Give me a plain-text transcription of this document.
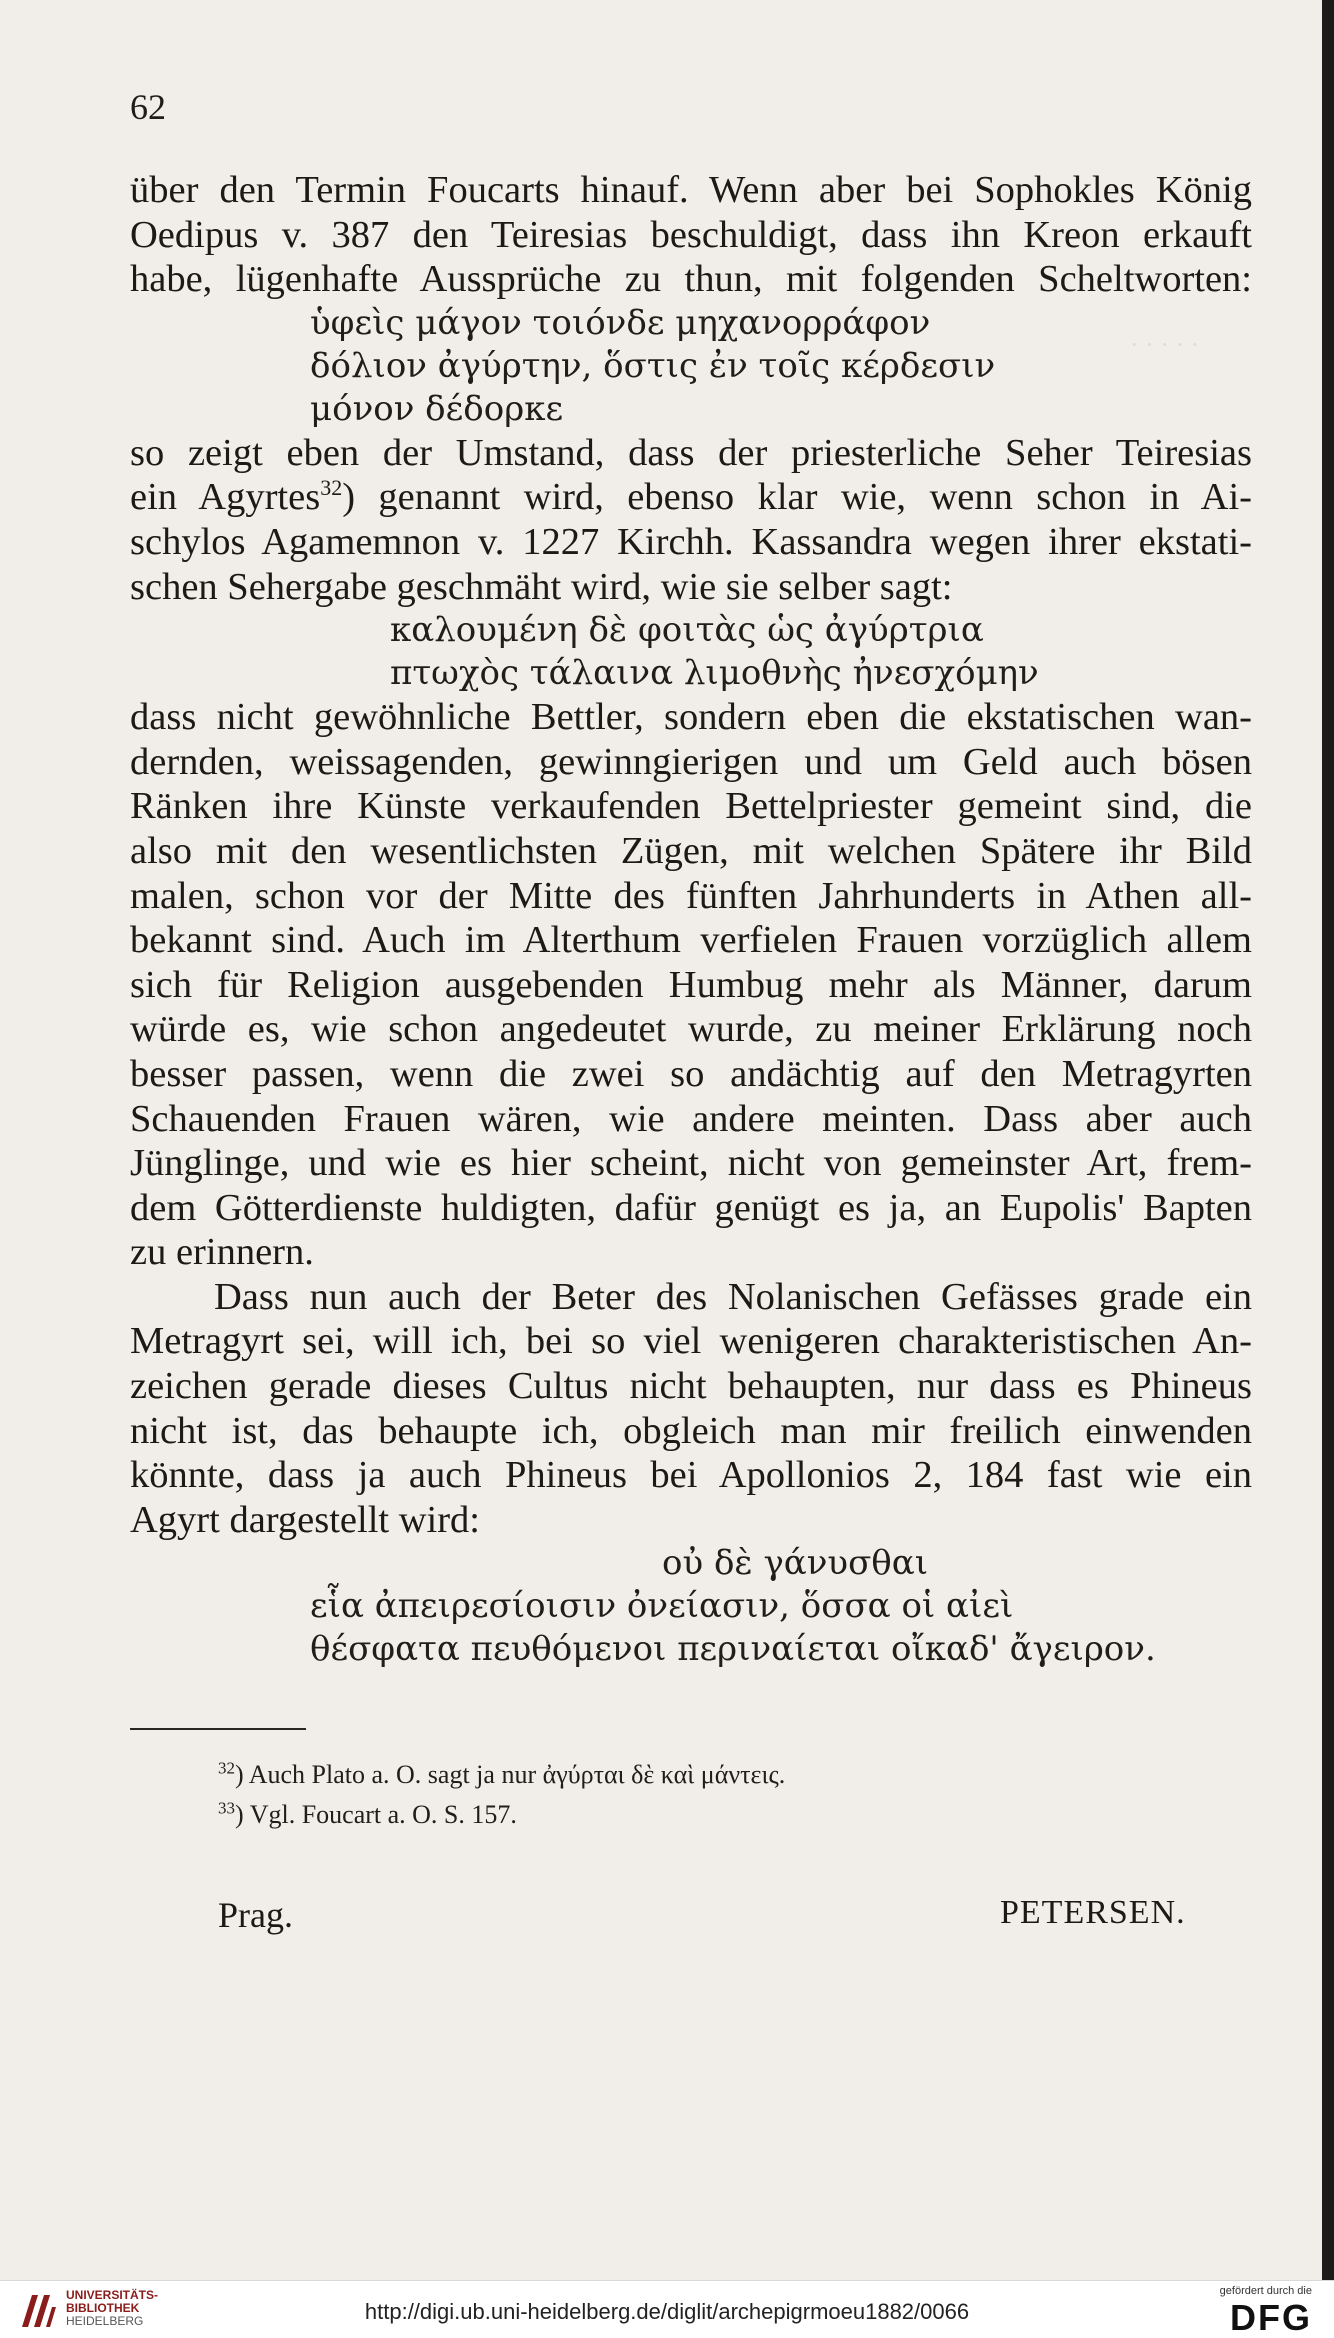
· · · · ·
62
über den Termin Foucarts hinauf. Wenn aber bei Sophokles König
Oedipus v. 387 den Teiresias beschuldigt, dass ihn Kreon erkauft
habe, lügenhafte Aussprüche zu thun, mit folgenden Scheltworten:
ὑφεὶς μάγον τοιόνδε μηχανορράφον
δόλιον ἀγύρτην, ὅστις ἐν τοῖς κέρδεσιν
μόνον δέδορκε
so zeigt eben der Umstand, dass der priesterliche Seher Teiresias
ein Agyrtes$^{32}$) genannt wird, ebenso klar wie, wenn schon in Ai-
schylos Agamemnon v. 1227 Kirchh. Kassandra wegen ihrer ekstati-
schen Sehergabe geschmäht wird, wie sie selber sagt:
καλουμένη δὲ φοιτὰς ὡς ἀγύρτρια
πτωχὸς τάλαινα λιμοθνὴς ἠνεσχόμην
dass nicht gewöhnliche Bettler, sondern eben die ekstatischen wan-
dernden, weissagenden, gewinngierigen und um Geld auch bösen
Ränken ihre Künste verkaufenden Bettelpriester gemeint sind, die
also mit den wesentlichsten Zügen, mit welchen Spätere ihr Bild
malen, schon vor der Mitte des fünften Jahrhunderts in Athen all-
bekannt sind. Auch im Alterthum verfielen Frauen vorzüglich allem
sich für Religion ausgebenden Humbug mehr als Männer, darum
würde es, wie schon angedeutet wurde, zu meiner Erklärung noch
besser passen, wenn die zwei so andächtig auf den Metragyrten
Schauenden Frauen wären, wie andere meinten. Dass aber auch
Jünglinge, und wie es hier scheint, nicht von gemeinster Art, frem-
dem Götterdienste huldigten, dafür genügt es ja, an Eupolis' Bapten
zu erinnern.
Dass nun auch der Beter des Nolanischen Gefässes grade ein
Metragyrt sei, will ich, bei so viel wenigeren charakteristischen An-
zeichen gerade dieses Cultus nicht behaupten, nur dass es Phineus
nicht ist, das behaupte ich, obgleich man mir freilich einwenden
könnte, dass ja auch Phineus bei Apollonios 2, 184 fast wie ein
Agyrt dargestellt wird:
οὐ δὲ γάνυσθαι
εἷα ἀπειρεσίοισιν ὀνείασιν, ὅσσα οἱ αἰεὶ
θέσφατα πευθόμενοι περιναίεται οἴκαδ' ἄγειρον.
$^{32}$) Auch Plato a. O. sagt ja nur ἀγύρται δὲ καὶ μάντεις.
$^{33}$) Vgl. Foucart a. O. S. 157.
Prag.	PETERSEN.
UNIVERSITÄTS-
BIBLIOTHEK
HEIDELBERG	http://digi.ub.uni-heidelberg.de/diglit/archepigrmoeu1882/0066
gefördert durch die
DFG
